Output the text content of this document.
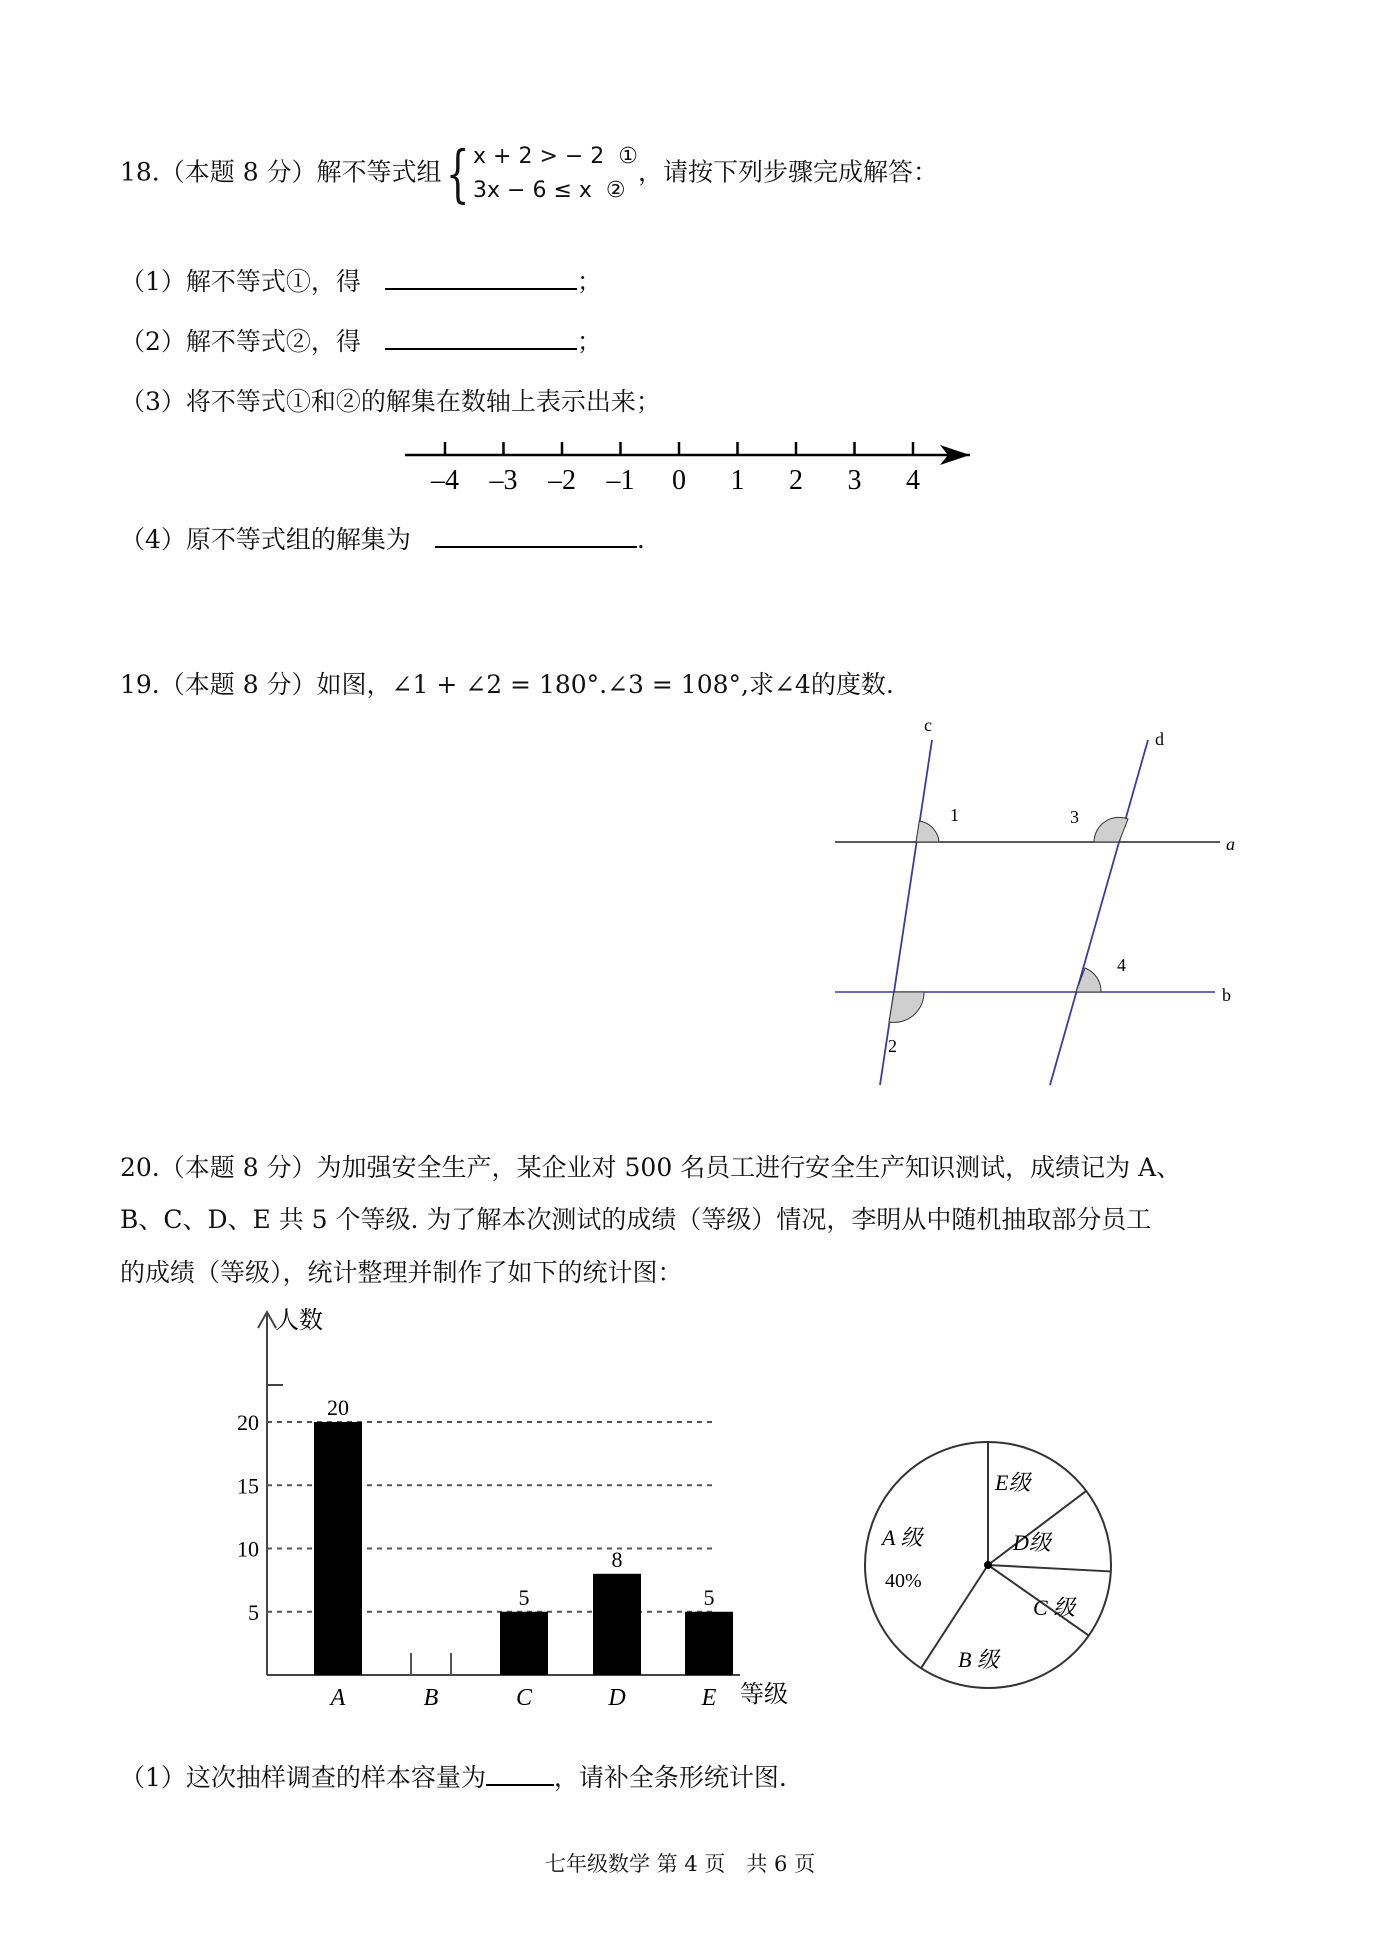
18.（本题 8 分）解不等式组 { x + 2 > − 2 ①
3x − 6 ≤ x ②
，请按下列步骤完成解答：
（1）解不等式①，得	；
（2）解不等式②，得	；
（3）将不等式①和②的解集在数轴上表示出来；
–4 –3 –2 –1 0 1 2 3 4
（4）原不等式组的解集为	.
19.（本题 8 分）如图，∠1 + ∠2 = 180°.∠3 = 108°,求∠4的度数.
c
d
a
b
1	3
4
2
20.（本题 8 分）为加强安全生产，某企业对 500 名员工进行安全生产知识测试，成绩记为 A、
B、C、D、E 共 5 个等级. 为了解本次测试的成绩（等级）情况，李明从中随机抽取部分员工
的成绩（等级），统计整理并制作了如下的统计图：
人数
等级
5
10
15
20
20
A	B
5
C
8
D
5
E
E级
D级
C 级
B 级
A 级
40%
（1）这次抽样调查的样本容量为	，请补全条形统计图.
七年级数学 第 4 页　共 6 页
